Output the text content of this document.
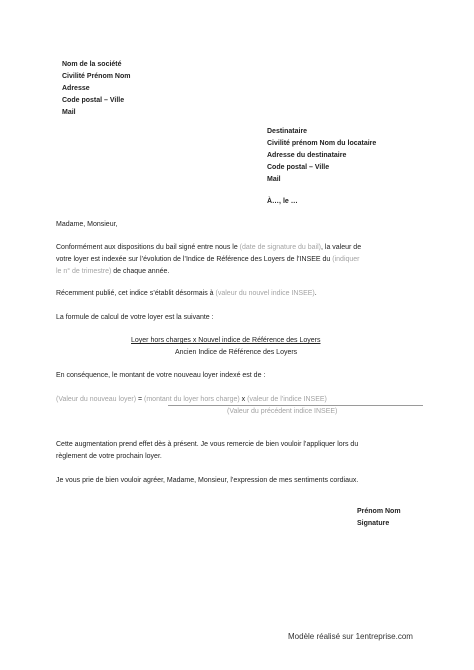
Nom de la société
Civilité Prénom Nom
Adresse
Code postal – Ville
Mail
Destinataire
Civilité prénom Nom du locataire
Adresse du destinataire
Code postal – Ville
Mail
À…, le …
Madame, Monsieur,
Conformément aux dispositions du bail signé entre nous le (date de signature du bail), la valeur de
votre loyer est indexée sur l’évolution de l’Indice de Référence des Loyers de l’INSEE du (indiquer
le n° de trimestre) de chaque année.
Récemment publié, cet indice s’établit désormais à (valeur du nouvel indice INSEE).
La formule de calcul de votre loyer est la suivante :
Loyer hors charges x Nouvel indice de Référence des Loyers
Ancien Indice de Référence des Loyers
En conséquence, le montant de votre nouveau loyer indexé est de :
(Valeur du nouveau loyer) = (montant du loyer hors charge) x (valeur de l’indice INSEE)
(Valeur du précédent indice INSEE)
Cette augmentation prend effet dès à présent. Je vous remercie de bien vouloir l’appliquer lors du
règlement de votre prochain loyer.
Je vous prie de bien vouloir agréer, Madame, Monsieur, l’expression de mes sentiments cordiaux.
Prénom Nom
Signature
Modèle réalisé sur 1entreprise.com
